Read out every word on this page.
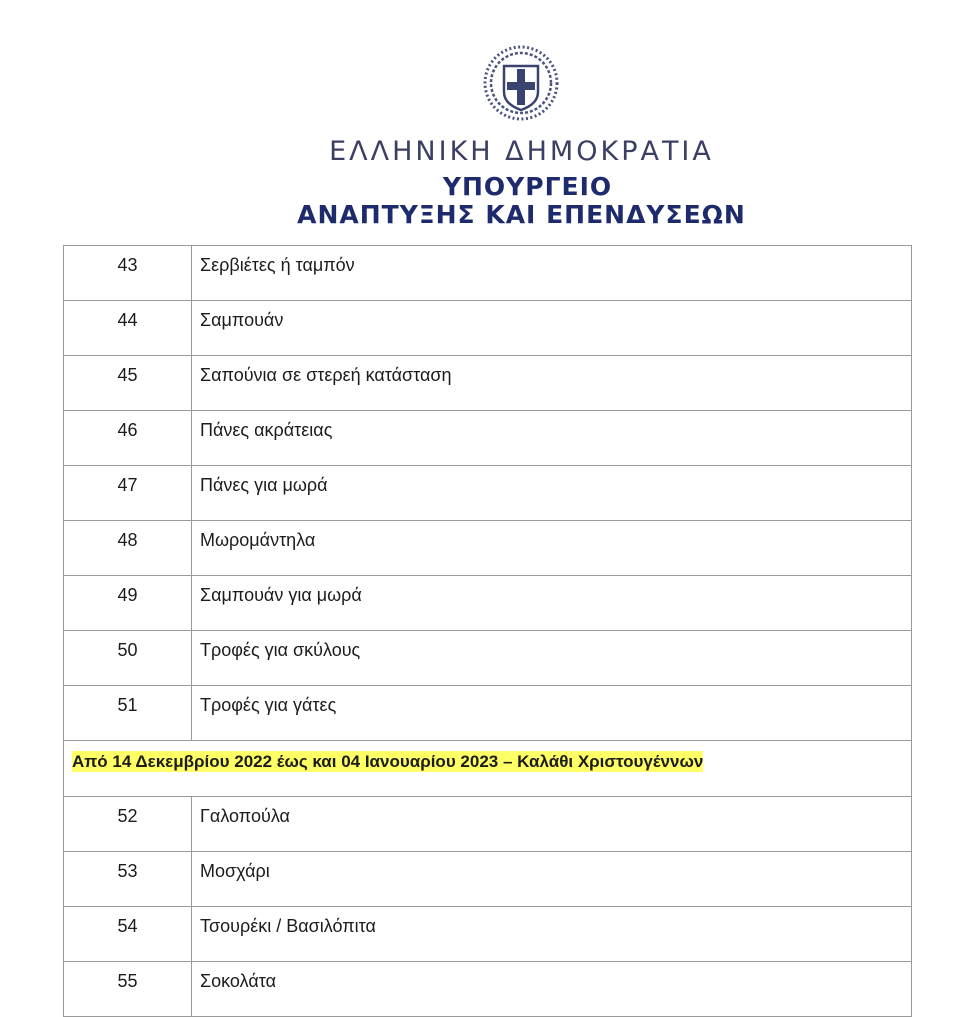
ΕΛΛΗΝΙΚΗ ΔΗΜΟΚΡΑΤΙΑ
ΥΠΟΥΡΓΕΙΟ
ΑΝΑΠΤΥΞΗΣ ΚΑΙ ΕΠΕΝΔΥΣΕΩΝ
43	Σερβιέτες ή ταμπόν
44	Σαμπουάν
45	Σαπούνια σε στερεή κατάσταση
46	Πάνες ακράτειας
47	Πάνες για μωρά
48	Μωρομάντηλα
49	Σαμπουάν για μωρά
50	Τροφές για σκύλους
51	Τροφές για γάτες
Από 14 Δεκεμβρίου 2022 έως και 04 Ιανουαρίου 2023 – Καλάθι Χριστουγέννων	
52	Γαλοπούλα
53	Μοσχάρι
54	Τσουρέκι / Βασιλόπιτα
55	Σοκολάτα
